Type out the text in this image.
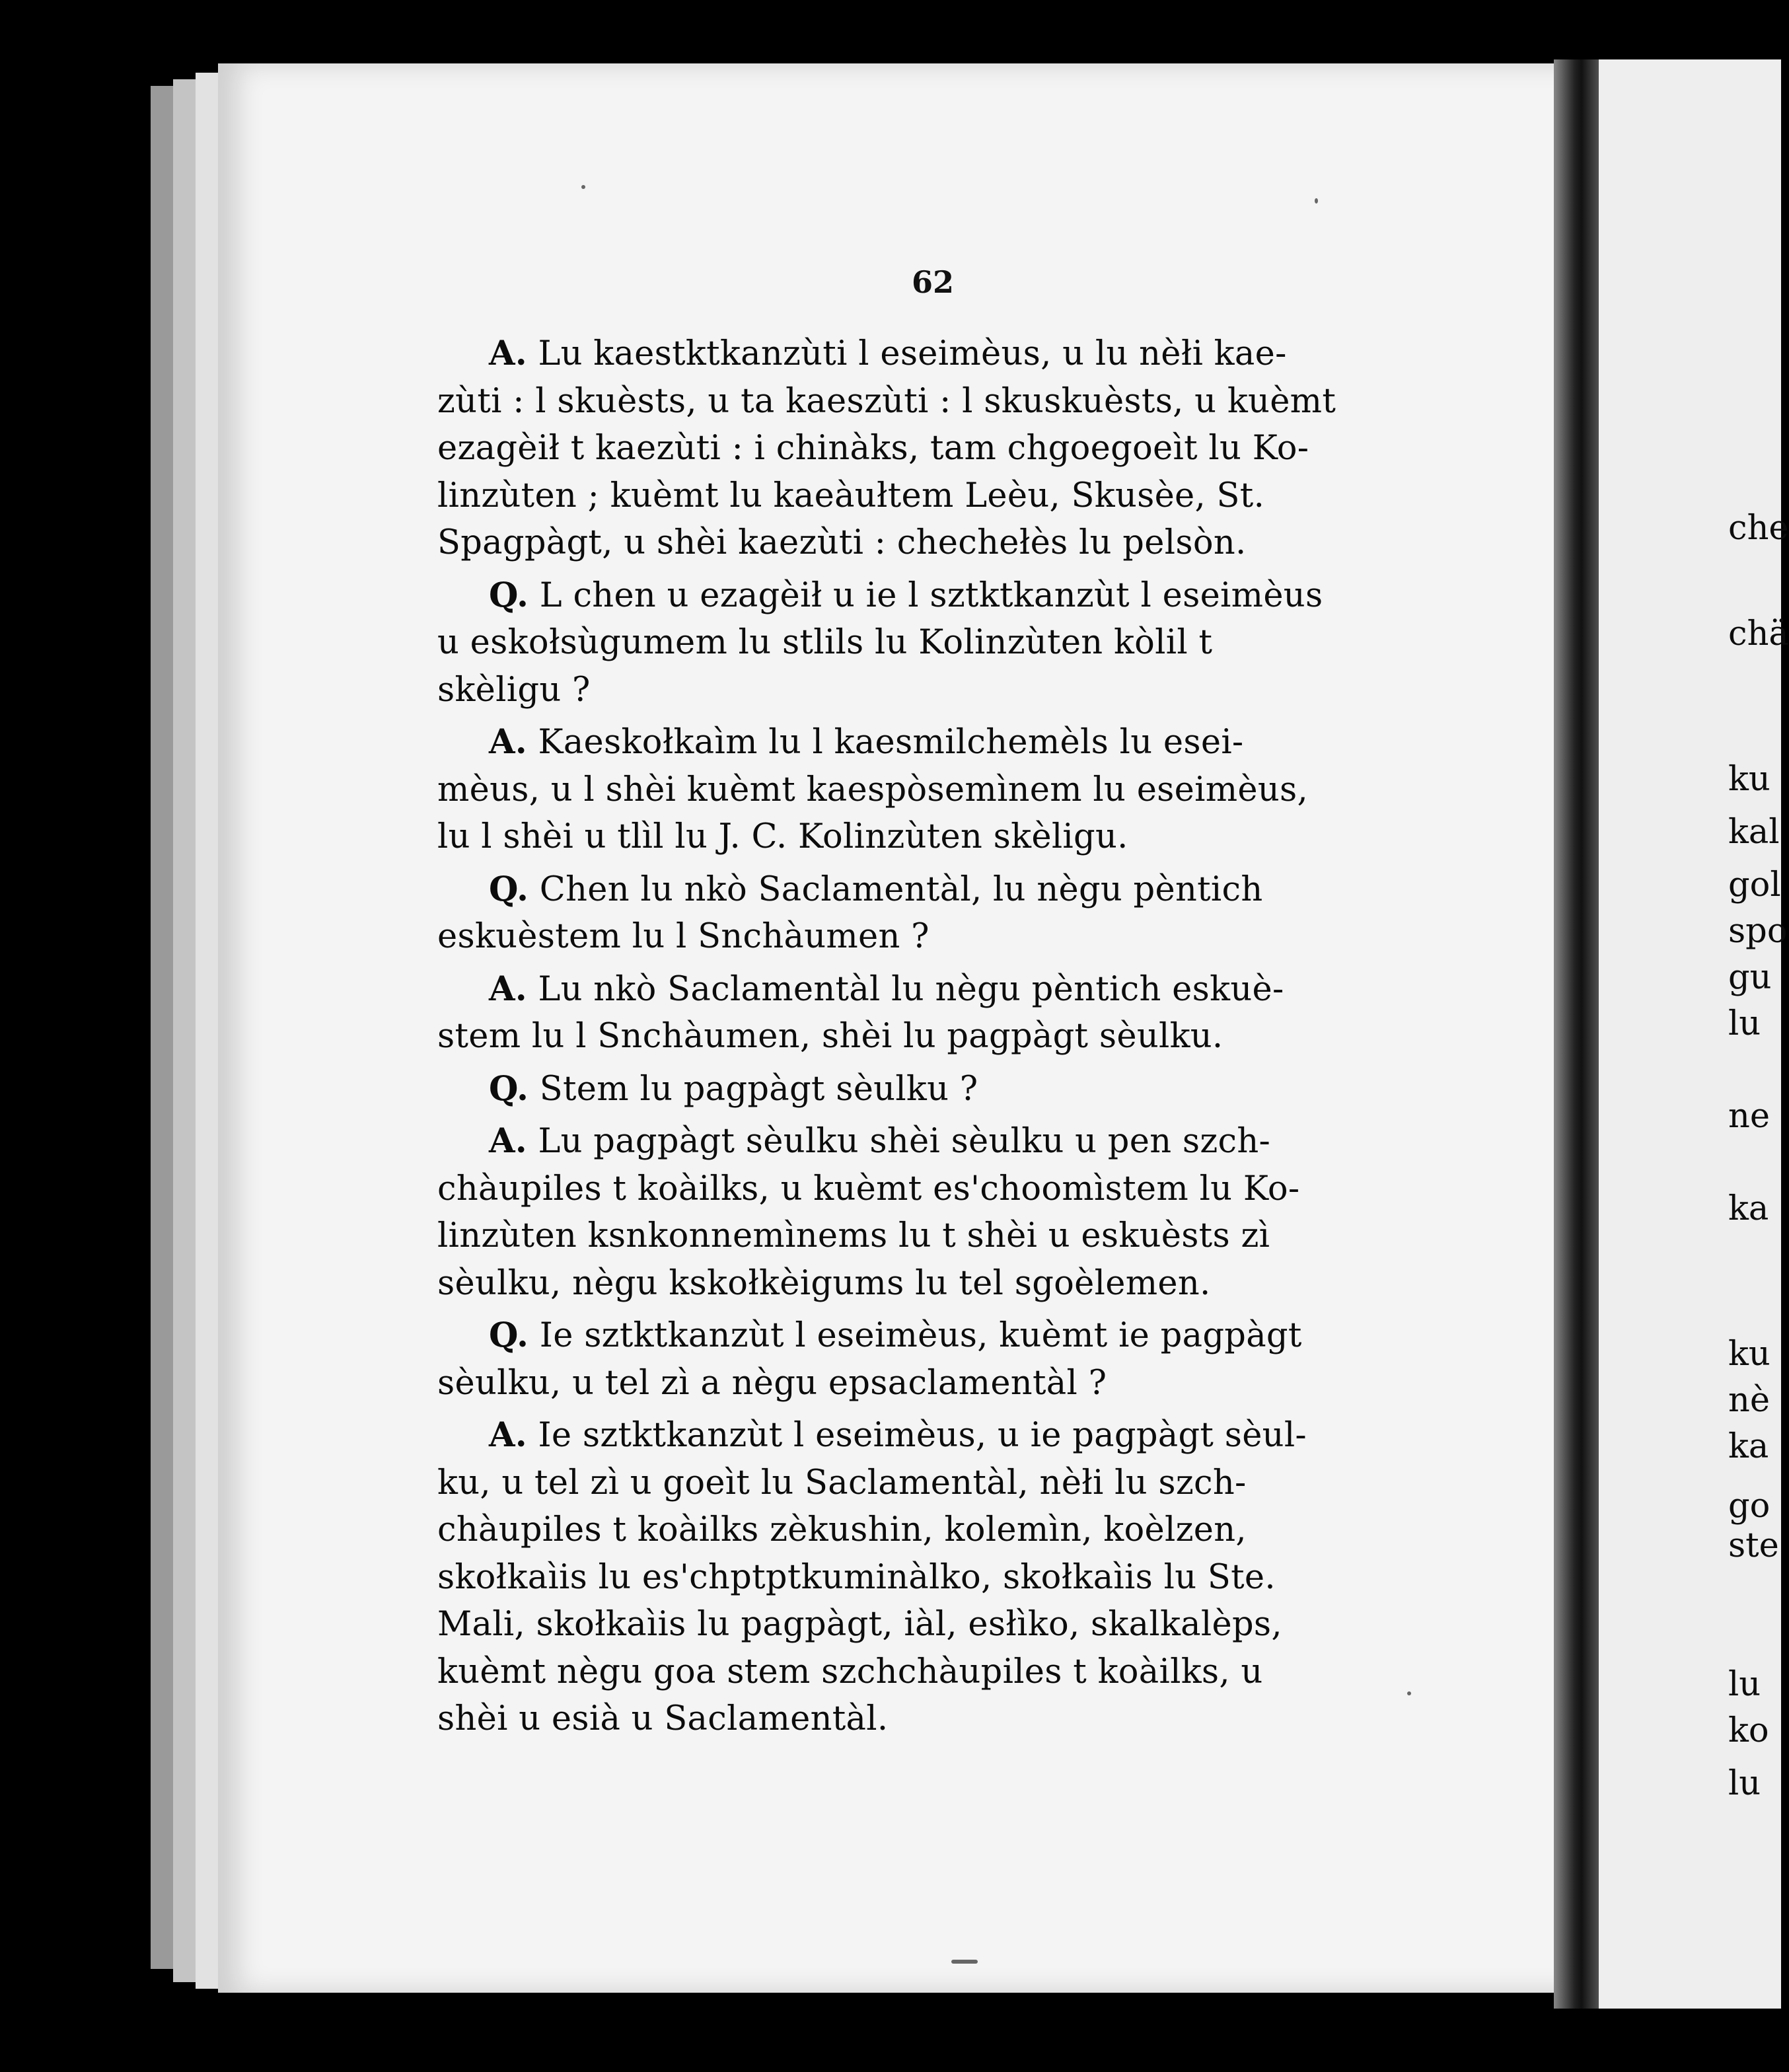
62
A. Lu kaestktkanzùti l eseimèus, u lu nèłi kae-
zùti : l skuèsts, u ta kaeszùti : l skuskuèsts, u kuèmt
ezagèił t kaezùti : i chinàks, tam chgoegoeìt lu Ko-
linzùten ; kuèmt lu kaeàułtem Leèu, Skusèe, St.
Spagpàgt, u shèi kaezùti : chechełès lu pelsòn.
Q. L chen u ezagèił u ie l sztktkanzùt l eseimèus
u eskołsùgumem lu stlils lu Kolinzùten kòlil t
skèligu ?
A. Kaeskołkaìm lu l kaesmilchemèls lu esei-
mèus, u l shèi kuèmt kaespòsemìnem lu eseimèus,
lu l shèi u tlìl lu J. C. Kolinzùten skèligu.
Q. Chen lu nkò Saclamentàl, lu nègu pèntich
eskuèstem lu l Snchàumen ?
A. Lu nkò Saclamentàl lu nègu pèntich eskuè-
stem lu l Snchàumen, shèi lu pagpàgt sèulku.
Q. Stem lu pagpàgt sèulku ?
A. Lu pagpàgt sèulku shèi sèulku u pen szch-
chàupiles t koàilks, u kuèmt es'choomìstem lu Ko-
linzùten ksnkonnemìnems lu t shèi u eskuèsts zì
sèulku, nègu kskołkèigums lu tel sgoèlemen.
Q. Ie sztktkanzùt l eseimèus, kuèmt ie pagpàgt
sèulku, u tel zì a nègu epsaclamentàl ?
A. Ie sztktkanzùt l eseimèus, u ie pagpàgt sèul-
ku, u tel zì u goeìt lu Saclamentàl, nèłi lu szch-
chàupiles t koàilks zèkushin, kolemìn, koèlzen,
skołkaìis lu es'chptptkuminàlko, skołkaìis lu Ste.
Mali, skołkaìis lu pagpàgt, iàl, esłìko, skalkalèps,
kuèmt nègu goa stem szchchàupiles t koàilks, u
shèi u esià u Saclamentàl.
che
chä
ku
kal
gol
spo
gu
lu
ne
ka
ku
nè
ka
go
ste
lu
ko
lu
